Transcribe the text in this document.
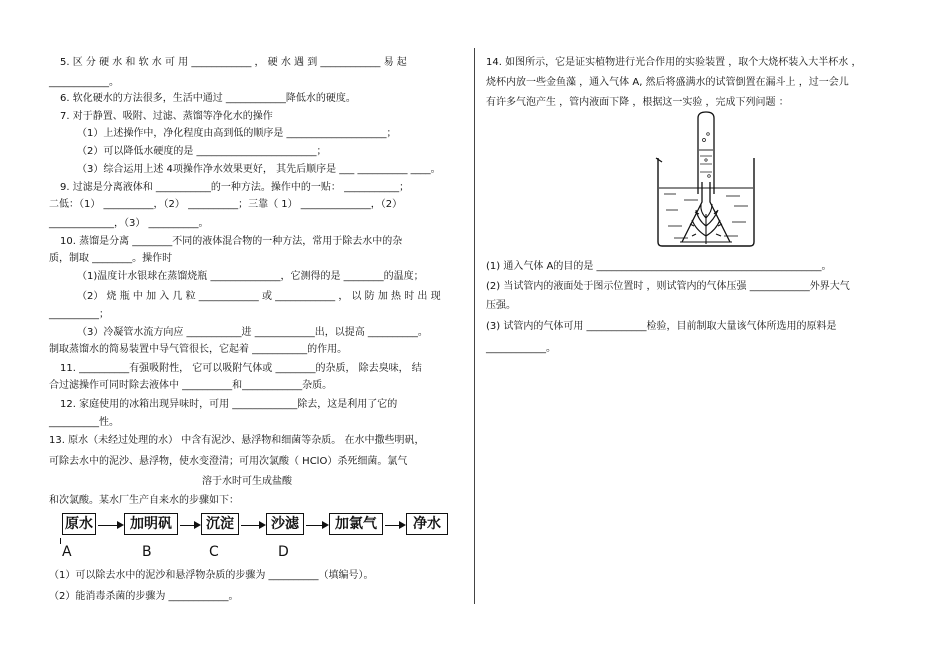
5. 区 分 硬 水 和 软 水 可 用 ____________ ， 硬 水 遇 到 ____________ 易 起
____________。
6. 软化硬水的方法很多，生活中通过 ____________降低水的硬度。
7. 对于静置、吸附、过滤、蒸馏等净化水的操作
（1）上述操作中，净化程度由高到低的顺序是 ____________________；
（2）可以降低水硬度的是 ________________________；
（3）综合运用上述 4项操作净水效果更好， 其先后顺序是 ___ __________ ____。
9. 过滤是分离液体和 ___________的一种方法。操作中的一贴： ___________；
二低：（1） __________，（2） __________；三靠（ 1） ______________，（2）
_____________，（3） __________。
10. 蒸馏是分离 ________不同的液体混合物的一种方法，常用于除去水中的杂
质，制取 ________。操作时
（1)温度计水银球在蒸馏烧瓶 ______________，它测得的是 ________的温度；
（2） 烧 瓶 中 加 入 几 粒 ____________ 或 ____________ ， 以 防 加 热 时 出 现
__________；
（3）冷凝管水流方向应 ___________进 ____________出，以提高 __________。
制取蒸馏水的简易装置中导气管很长，它起着 ___________的作用。
11. __________有强吸附性， 它可以吸附气体或 ________的杂质， 除去臭味， 结
合过滤操作可同时除去液体中 __________和____________杂质。
12. 家庭使用的冰箱出现异味时，可用 _____________除去，这是利用了它的
__________性。
13. 原水（未经过处理的水） 中含有泥沙、悬浮物和细菌等杂质。 在水中撒些明矾，
可除去水中的泥沙、悬浮物，使水变澄清；可用次氯酸（ HClO）杀死细菌。氯气
溶于水时可生成盐酸
和次氯酸。某水厂生产自来水的步骤如下：
（1）可以除去水中的泥沙和悬浮物杂质的步骤为 __________（填编号）。
（2）能消毒杀菌的步骤为 ____________。
原水	加明矾	沉淀	沙滤	加氯气	净水
A	B	C	D
14. 如图所示，它是证实植物进行光合作用的实验装置 ，取个大烧杯装入大半杯水 ，
烧杯内放一些金鱼藻 ，通入气体 A, 然后将盛满水的试管倒置在漏斗上 ，过一会儿
有许多气泡产生 ，管内液面下降 ，根据这一实验 ，完成下列问题 ：
(1) 通入气体 A的目的是 _____________________________________________。
(2) 当试管内的液面处于图示位置时 ，则试管内的气体压强 ____________外界大气
压强。
(3) 试管内的气体可用 ____________检验，目前制取大量该气体所选用的原料是
____________。
